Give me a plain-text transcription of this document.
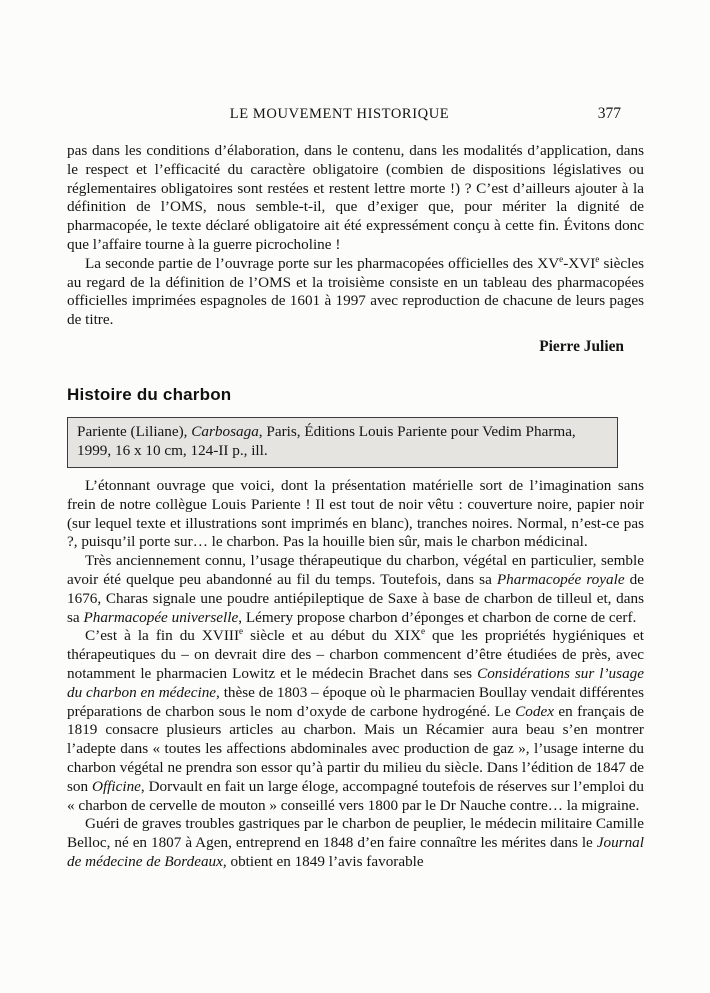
LE MOUVEMENT HISTORIQUE	377

pas dans les conditions d’élaboration, dans le contenu, dans les modalités d’application, dans le respect et l’efficacité du caractère obligatoire (combien de dispositions législatives ou réglementaires obligatoires sont restées et restent lettre morte !) ? C’est d’ailleurs ajouter à la définition de l’OMS, nous semble-t-il, que d’exiger que, pour mériter la dignité de pharmacopée, le texte déclaré obligatoire ait été expressément conçu à cette fin. Évitons donc que l’affaire tourne à la guerre picrocholine !

La seconde partie de l’ouvrage porte sur les pharmacopées officielles des XVe-XVIe siècles au regard de la définition de l’OMS et la troisième consiste en un tableau des pharmacopées officielles imprimées espagnoles de 1601 à 1997 avec reproduction de chacune de leurs pages de titre.

Pierre Julien

Histoire du charbon
Pariente (Liliane), Carbosaga, Paris, Éditions Louis Pariente pour Vedim Pharma, 1999, 16 x 10 cm, 124-II p., ill.

L’étonnant ouvrage que voici, dont la présentation matérielle sort de l’imagination sans frein de notre collègue Louis Pariente ! Il est tout de noir vêtu : couverture noire, papier noir (sur lequel texte et illustrations sont imprimés en blanc), tranches noires. Normal, n’est-ce pas ?, puisqu’il porte sur… le charbon. Pas la houille bien sûr, mais le charbon médicinal.

Très anciennement connu, l’usage thérapeutique du charbon, végétal en particulier, semble avoir été quelque peu abandonné au fil du temps. Toutefois, dans sa Pharmacopée royale de 1676, Charas signale une poudre antiépileptique de Saxe à base de charbon de tilleul et, dans sa Pharmacopée universelle, Lémery propose charbon d’éponges et charbon de corne de cerf.

C’est à la fin du XVIIIe siècle et au début du XIXe que les propriétés hygiéniques et thérapeutiques du – on devrait dire des – charbon commencent d’être étudiées de près, avec notamment le pharmacien Lowitz et le médecin Brachet dans ses Considérations sur l’usage du charbon en médecine, thèse de 1803 – époque où le pharmacien Boullay vendait différentes préparations de charbon sous le nom d’oxyde de carbone hydrogéné. Le Codex en français de 1819 consacre plusieurs articles au charbon. Mais un Récamier aura beau s’en montrer l’adepte dans « toutes les affections abdominales avec production de gaz », l’usage interne du charbon végétal ne prendra son essor qu’à partir du milieu du siècle. Dans l’édition de 1847 de son Officine, Dorvault en fait un large éloge, accompagné toutefois de réserves sur l’emploi du « charbon de cervelle de mouton » conseillé vers 1800 par le Dr Nauche contre… la migraine.

Guéri de graves troubles gastriques par le charbon de peuplier, le médecin militaire Camille Belloc, né en 1807 à Agen, entreprend en 1848 d’en faire connaître les mérites dans le Journal de médecine de Bordeaux, obtient en 1849 l’avis favorable
